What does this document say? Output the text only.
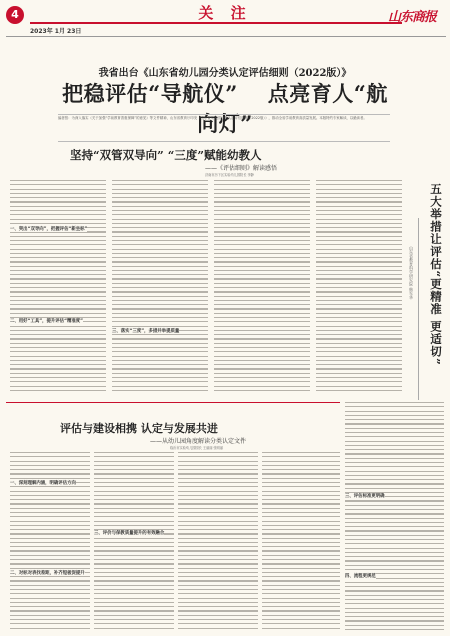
4	关 注
2023年 1月 23日
山东商报
我省出台《山东省幼儿园分类认定评估细则（2022版）》
把稳评估“导航仪” 点亮育人“航向灯”
编者按：为深入落实《关于加强“学前教育普惠保障”的意见》等文件精神，山东省教育厅印发《山东省幼儿园分类认定评估细则（2022版）》，推动全省学前教育高质量发展。本版特约专家解读，以飨读者。
坚持“双管双导向” “三度”赋能幼教人
——《评估细则》解读感悟
济南市历下区实验幼儿园院长 李静
一、突出“双导向”，把握评估“新坐标”
二、用好“工具”，提升评估“精准度”
三、落实“三度”，多措并举提质量	五大举措让评估“更精准 更适切”
山东省教育科学研究院 韩军华
三、评估标准更明确
四、流程更规范
评估与建设相携 认定与发展共进
——从幼儿园角度解读分类认定文件
临沂市实验幼儿园园长 王丽丽 张明丽
一、深刻理解内涵，明确评估方向
二、对标对表找差距，补齐短板促提升
三、评价与保教质量提升的有效融合
